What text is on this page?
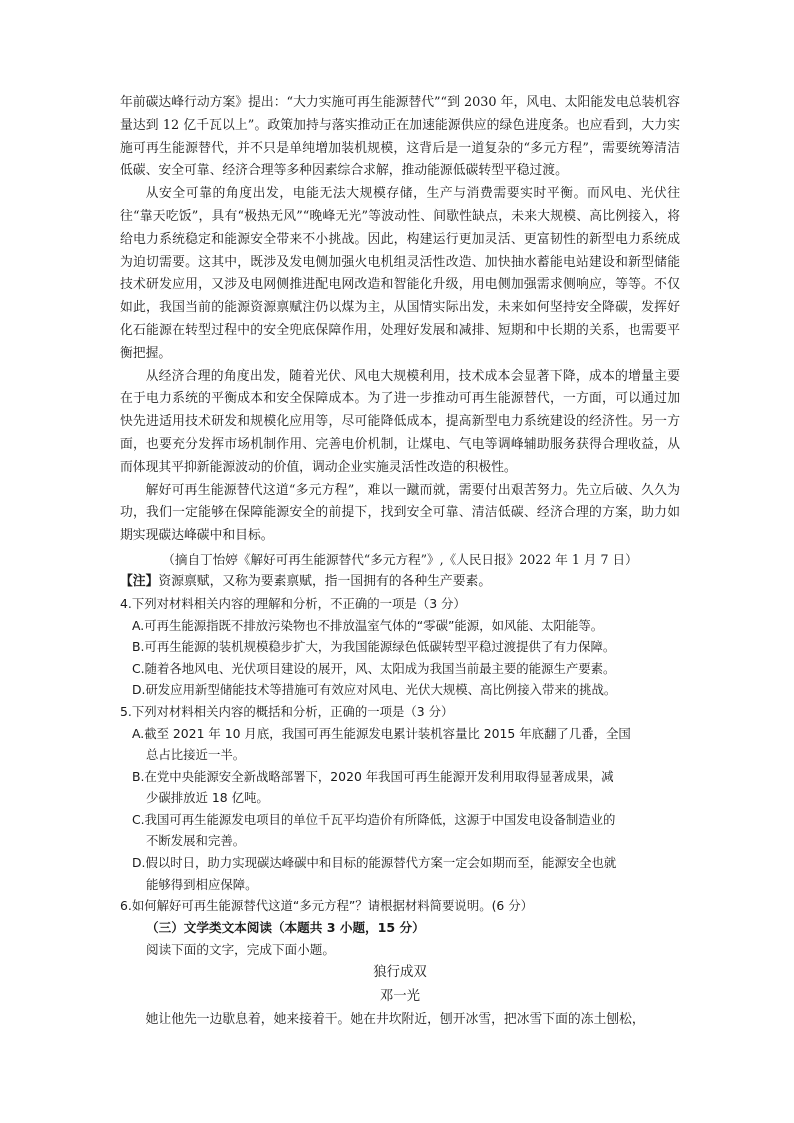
年前碳达峰行动方案》提出：“大力实施可再生能源替代”“到 2030 年，风电、太阳能发电总装机容量达到 12 亿千瓦以上”。政策加持与落实推动正在加速能源供应的绿色进度条。也应看到，大力实施可再生能源替代，并不只是单纯增加装机规模，这背后是一道复杂的“多元方程”，需要统筹清洁低碳、安全可靠、经济合理等多种因素综合求解，推动能源低碳转型平稳过渡。

从安全可靠的角度出发，电能无法大规模存储，生产与消费需要实时平衡。而风电、光伏往往“靠天吃饭”，具有“极热无风”“晚峰无光”等波动性、间歇性缺点，未来大规模、高比例接入，将给电力系统稳定和能源安全带来不小挑战。因此，构建运行更加灵活、更富韧性的新型电力系统成为迫切需要。这其中，既涉及发电侧加强火电机组灵活性改造、加快抽水蓄能电站建设和新型储能技术研发应用，又涉及电网侧推进配电网改造和智能化升级，用电侧加强需求侧响应，等等。不仅如此，我国当前的能源资源禀赋注仍以煤为主，从国情实际出发，未来如何坚持安全降碳，发挥好化石能源在转型过程中的安全兜底保障作用，处理好发展和减排、短期和中长期的关系，也需要平衡把握。

从经济合理的角度出发，随着光伏、风电大规模利用，技术成本会显著下降，成本的增量主要在于电力系统的平衡成本和安全保障成本。为了进一步推动可再生能源替代，一方面，可以通过加快先进适用技术研发和规模化应用等，尽可能降低成本，提高新型电力系统建设的经济性。另一方面，也要充分发挥市场机制作用、完善电价机制，让煤电、气电等调峰辅助服务获得合理收益，从而体现其平抑新能源波动的价值，调动企业实施灵活性改造的积极性。

解好可再生能源替代这道“多元方程”，难以一蹴而就，需要付出艰苦努力。先立后破、久久为功，我们一定能够在保障能源安全的前提下，找到安全可靠、清洁低碳、经济合理的方案，助力如期实现碳达峰碳中和目标。

（摘自丁怡婷《解好可再生能源替代“多元方程”》,《人民日报》2022 年 1 月 7 日）

【注】资源禀赋，又称为要素禀赋，指一国拥有的各种生产要素。

4.下列对材料相关内容的理解和分析，不正确的一项是（3 分）

A.可再生能源指既不排放污染物也不排放温室气体的“零碳”能源，如风能、太阳能等。

B.可再生能源的装机规模稳步扩大，为我国能源绿色低碳转型平稳过渡提供了有力保障。

C.随着各地风电、光伏项目建设的展开，风、太阳成为我国当前最主要的能源生产要素。

D.研发应用新型储能技术等措施可有效应对风电、光伏大规模、高比例接入带来的挑战。

5.下列对材料相关内容的概括和分析，正确的一项是（3 分）

A.截至 2021 年 10 月底，我国可再生能源发电累计装机容量比 2015 年底翻了几番，全国
总占比接近一半。

B.在党中央能源安全新战略部署下，2020 年我国可再生能源开发利用取得显著成果，减
少碳排放近 18 亿吨。

C.我国可再生能源发电项目的单位千瓦平均造价有所降低，这源于中国发电设备制造业的
不断发展和完善。

D.假以时日，助力实现碳达峰碳中和目标的能源替代方案一定会如期而至，能源安全也就
能够得到相应保障。

6.如何解好可再生能源替代这道“多元方程”？请根据材料简要说明。(6 分）

（三）文学类文本阅读（本题共 3 小题，15 分）

阅读下面的文字，完成下面小题。

狼行成双

邓一光

她让他先一边歇息着，她来接着干。她在井坎附近，刨开冰雪，把冰雪下面的冻土刨松，
